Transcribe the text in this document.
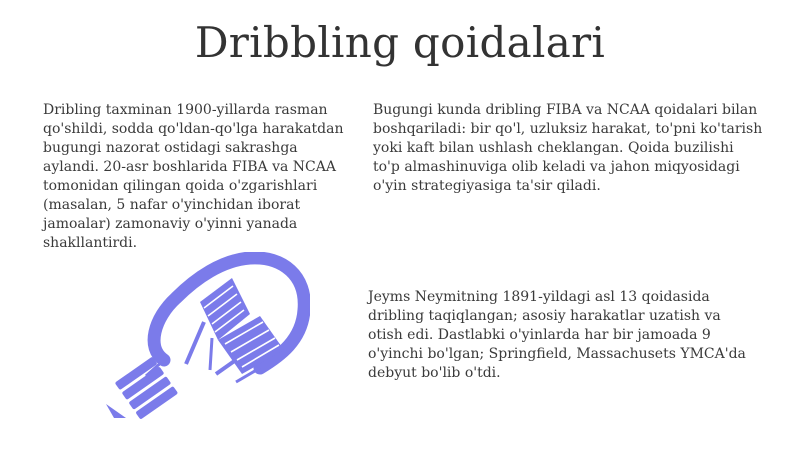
Dribbling qoidalari

Dribling taxminan 1900-yillarda rasman qo'shildi, sodda qo'ldan-qo'lga harakatdan bugungi nazorat ostidagi sakrashga aylandi. 20-asr boshlarida FIBA va NCAA tomonidan qilingan qoida o'zgarishlari (masalan, 5 nafar o'yinchidan iborat jamoalar) zamonaviy o'yinni yanada shakllantirdi.

Bugungi kunda dribling FIBA va NCAA qoidalari bilan boshqariladi: bir qo'l, uzluksiz harakat, to'pni ko'tarish yoki kaft bilan ushlash cheklangan. Qoida buzilishi to'p almashinuviga olib keladi va jahon miqyosidagi o'yin strategiyasiga ta'sir qiladi.

Jeyms Neymitning 1891-yildagi asl 13 qoidasida dribling taqiqlangan; asosiy harakatlar uzatish va otish edi. Dastlabki o'yinlarda har bir jamoada 9 o'yinchi bo'lgan; Springfield, Massachusets YMCA'da debyut bo'lib o'tdi.
